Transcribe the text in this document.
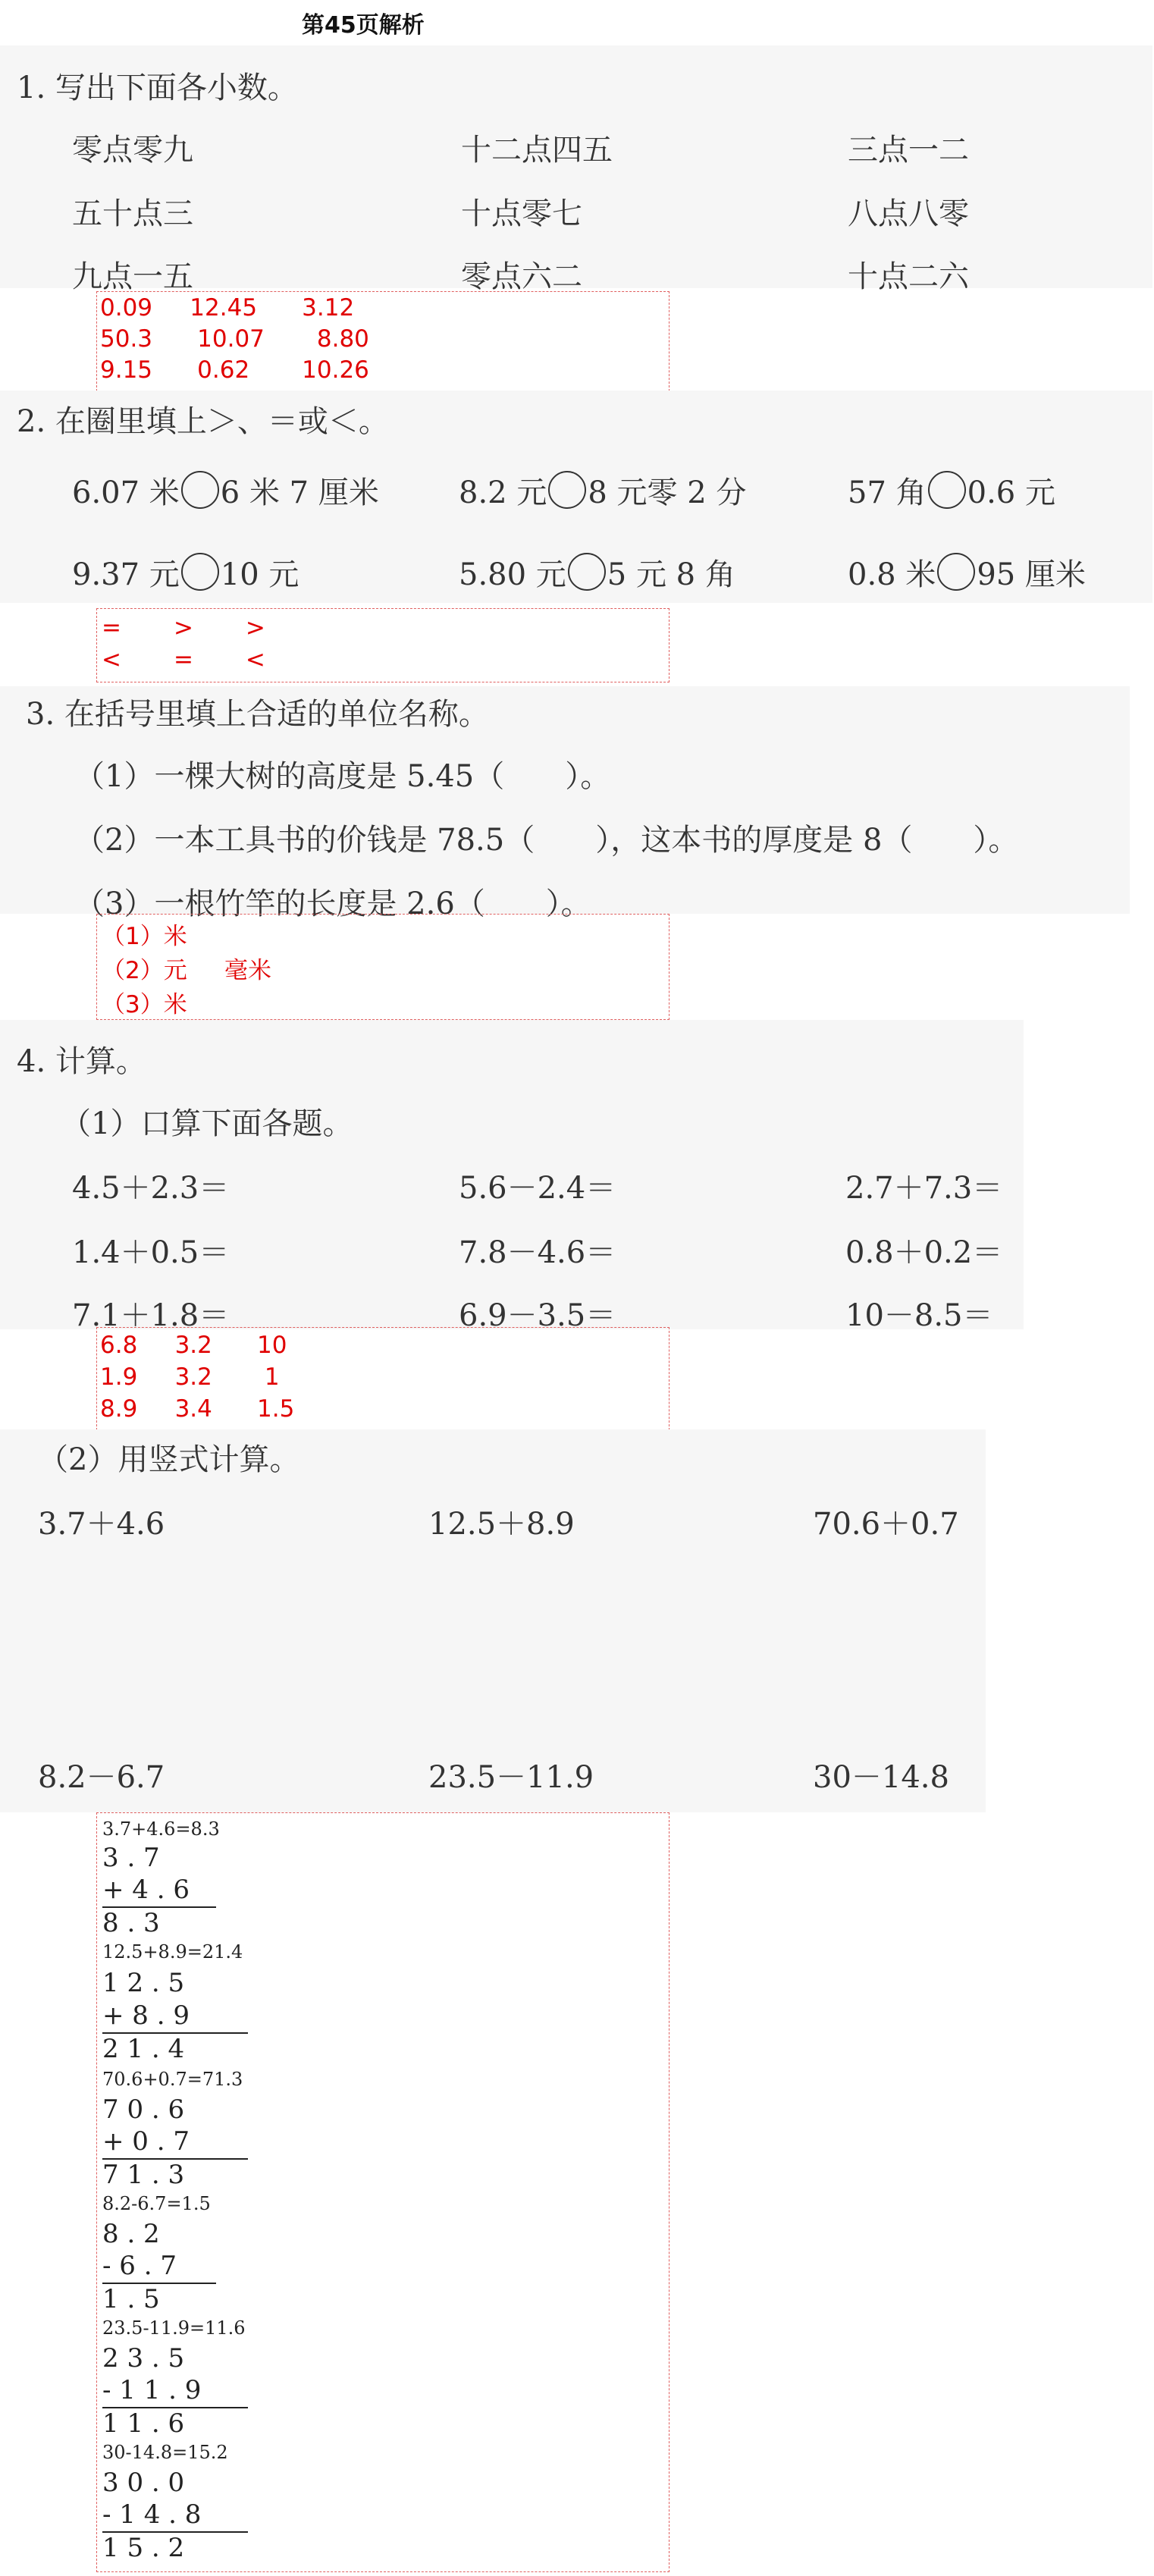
第45页解析
1. 写出下面各小数。
零点零九	十二点四五	三点一二
五十点三	十点零七	八点八零
九点一五	零点六二	十点二六
0.09     12.45      3.12
50.3      10.07       8.80
9.15      0.62       10.26
2. 在圈里填上＞、＝或＜。
6.07 米 6 米 7 厘米	8.2 元 8 元零 2 分	57 角 0.6 元
9.37 元 10 元	5.80 元 5 元 8 角	0.8 米 95 厘米
=       >       >
<       =       <
3. 在括号里填上合适的单位名称。
（1）一棵大树的高度是 5.45（ ）。
（2）一本工具书的价钱是 78.5（ ），这本书的厚度是 8（ ）。
（3）一根竹竿的长度是 2.6（ ）。
（1）米
（2）元     毫米
（3）米
4. 计算。
（1）口算下面各题。
4.5＋2.3＝	5.6－2.4＝	2.7＋7.3＝
1.4＋0.5＝	7.8－4.6＝	0.8＋0.2＝
7.1＋1.8＝	6.9－3.5＝	10－8.5＝
6.8     3.2      10
1.9     3.2       1
8.9     3.4      1.5
（2）用竖式计算。
3.7＋4.6	12.5＋8.9	70.6＋0.7
8.2－6.7	23.5－11.9	30－14.8
3.7+4.6=8.3
3 . 7
+ 4 . 6
8 . 3
12.5+8.9=21.4
1 2 . 5
+ 8 . 9
2 1 . 4
70.6+0.7=71.3
7 0 . 6
+ 0 . 7
7 1 . 3
8.2-6.7=1.5
8 . 2
- 6 . 7
1 . 5
23.5-11.9=11.6
2 3 . 5
- 1 1 . 9
1 1 . 6
30-14.8=15.2
3 0 . 0
- 1 4 . 8
1 5 . 2
